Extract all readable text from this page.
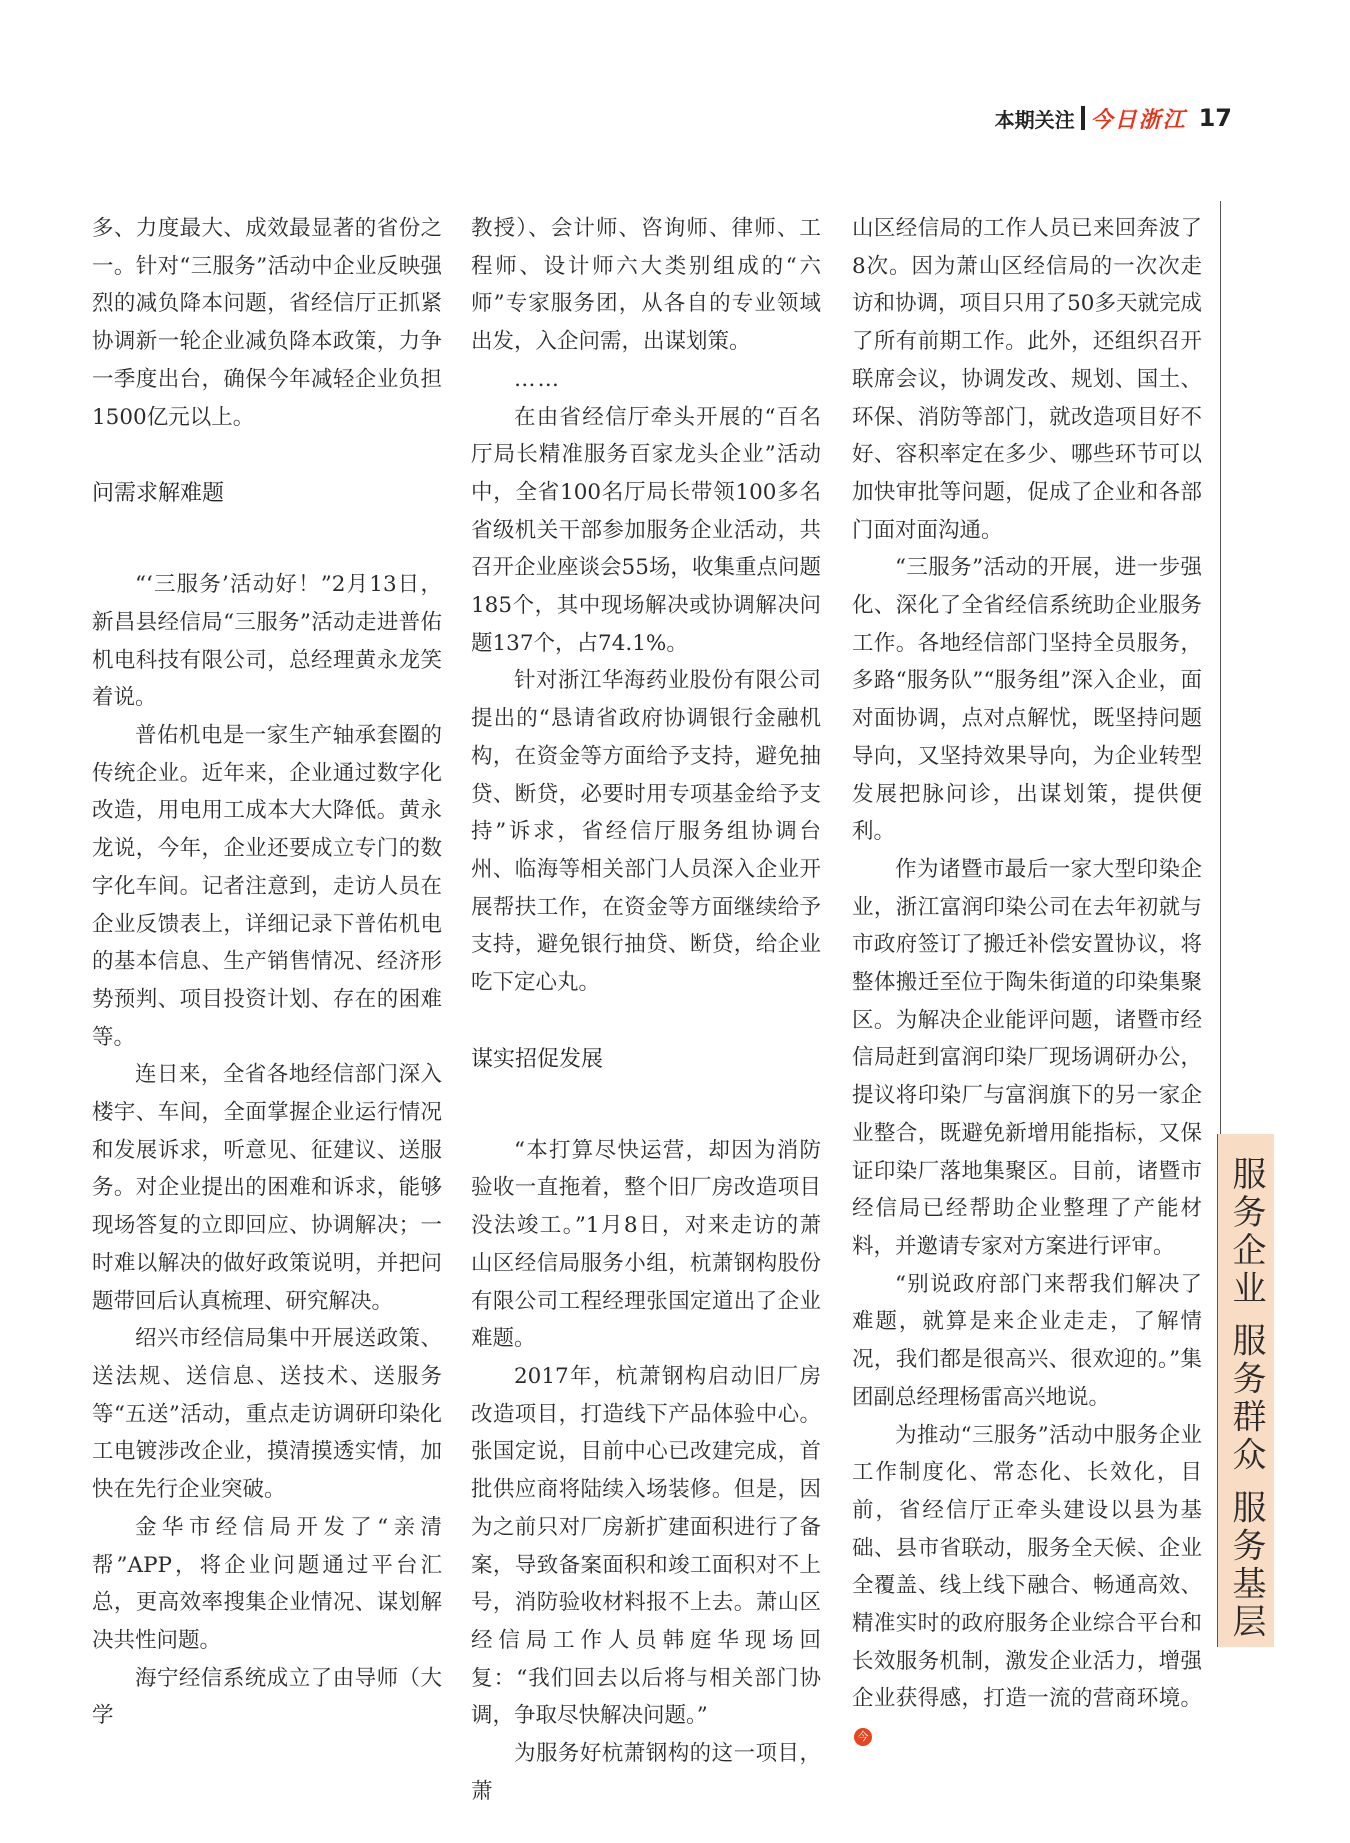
本期关注 今日浙江 17

多、力度最大、成效最显著的省份之一。针对“三服务”活动中企业反映强烈的减负降本问题，省经信厅正抓紧协调新一轮企业减负降本政策，力争一季度出台，确保今年减轻企业负担1500亿元以上。

问需求解难题

“‘三服务’活动好！”2月13日，新昌县经信局“三服务”活动走进普佑机电科技有限公司，总经理黄永龙笑着说。

普佑机电是一家生产轴承套圈的传统企业。近年来，企业通过数字化改造，用电用工成本大大降低。黄永龙说，今年，企业还要成立专门的数字化车间。记者注意到，走访人员在企业反馈表上，详细记录下普佑机电的基本信息、生产销售情况、经济形势预判、项目投资计划、存在的困难等。

连日来，全省各地经信部门深入楼宇、车间，全面掌握企业运行情况和发展诉求，听意见、征建议、送服务。对企业提出的困难和诉求，能够现场答复的立即回应、协调解决；一时难以解决的做好政策说明，并把问题带回后认真梳理、研究解决。

绍兴市经信局集中开展送政策、送法规、送信息、送技术、送服务等“五送”活动，重点走访调研印染化工电镀涉改企业，摸清摸透实情，加快在先行企业突破。

金华市经信局开发了“亲清帮”APP，将企业问题通过平台汇总，更高效率搜集企业情况、谋划解决共性问题。

海宁经信系统成立了由导师（大学

教授）、会计师、咨询师、律师、工程师、设计师六大类别组成的“六师”专家服务团，从各自的专业领域出发，入企问需，出谋划策。

……

在由省经信厅牵头开展的“百名厅局长精准服务百家龙头企业”活动中，全省100名厅局长带领100多名省级机关干部参加服务企业活动，共召开企业座谈会55场，收集重点问题185个，其中现场解决或协调解决问题137个，占74.1%。

针对浙江华海药业股份有限公司提出的“恳请省政府协调银行金融机构，在资金等方面给予支持，避免抽贷、断贷，必要时用专项基金给予支持”诉求，省经信厅服务组协调台州、临海等相关部门人员深入企业开展帮扶工作，在资金等方面继续给予支持，避免银行抽贷、断贷，给企业吃下定心丸。

谋实招促发展

“本打算尽快运营，却因为消防验收一直拖着，整个旧厂房改造项目没法竣工。”1月8日，对来走访的萧山区经信局服务小组，杭萧钢构股份有限公司工程经理张国定道出了企业难题。

2017年，杭萧钢构启动旧厂房改造项目，打造线下产品体验中心。张国定说，目前中心已改建完成，首批供应商将陆续入场装修。但是，因为之前只对厂房新扩建面积进行了备案，导致备案面积和竣工面积对不上号，消防验收材料报不上去。萧山区经信局工作人员韩庭华现场回复：“我们回去以后将与相关部门协调，争取尽快解决问题。”

为服务好杭萧钢构的这一项目，萧

山区经信局的工作人员已来回奔波了8次。因为萧山区经信局的一次次走访和协调，项目只用了50多天就完成了所有前期工作。此外，还组织召开联席会议，协调发改、规划、国土、环保、消防等部门，就改造项目好不好、容积率定在多少、哪些环节可以加快审批等问题，促成了企业和各部门面对面沟通。

“三服务”活动的开展，进一步强化、深化了全省经信系统助企业服务工作。各地经信部门坚持全员服务，多路“服务队”“服务组”深入企业，面对面协调，点对点解忧，既坚持问题导向，又坚持效果导向，为企业转型发展把脉问诊，出谋划策，提供便利。

作为诸暨市最后一家大型印染企业，浙江富润印染公司在去年初就与市政府签订了搬迁补偿安置协议，将整体搬迁至位于陶朱街道的印染集聚区。为解决企业能评问题，诸暨市经信局赶到富润印染厂现场调研办公，提议将印染厂与富润旗下的另一家企业整合，既避免新增用能指标，又保证印染厂落地集聚区。目前，诸暨市经信局已经帮助企业整理了产能材料，并邀请专家对方案进行评审。

“别说政府部门来帮我们解决了难题，就算是来企业走走，了解情况，我们都是很高兴、很欢迎的。”集团副总经理杨雷高兴地说。

为推动“三服务”活动中服务企业工作制度化、常态化、长效化，目前，省经信厅正牵头建设以县为基础、县市省联动，服务全天候、企业全覆盖、线上线下融合、畅通高效、精准实时的政府服务企业综合平台和长效服务机制，激发企业活力，增强企业获得感，打造一流的营商环境。今

服务企业 服务群众 服务基层
